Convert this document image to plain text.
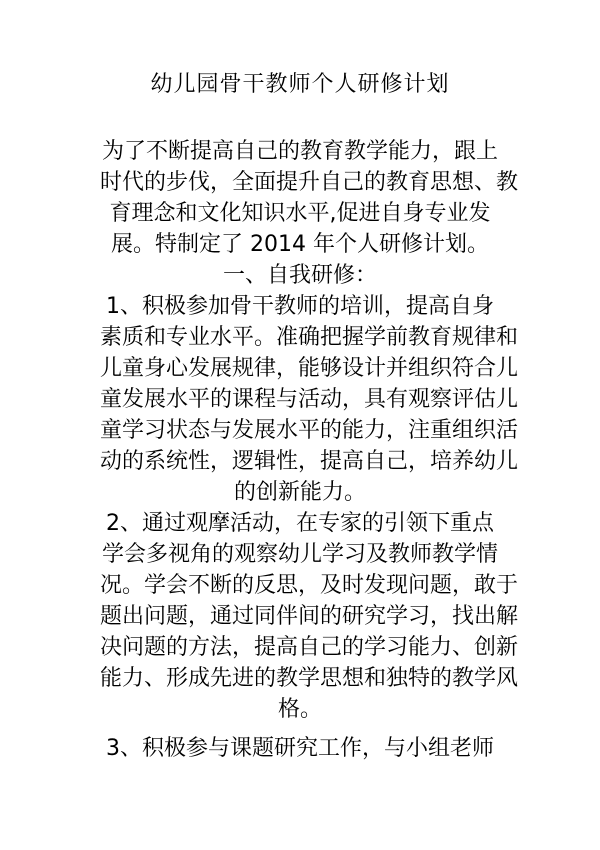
幼儿园骨干教师个人研修计划
为了不断提高自己的教育教学能力，跟上
时代的步伐，全面提升自己的教育思想、教
育理念和文化知识水平,促进自身专业发
展。特制定了 2014 年个人研修计划。
一、自我研修：
1、积极参加骨干教师的培训，提高自身
素质和专业水平。准确把握学前教育规律和
儿童身心发展规律，能够设计并组织符合儿
童发展水平的课程与活动，具有观察评估儿
童学习状态与发展水平的能力，注重组织活
动的系统性，逻辑性，提高自己，培养幼儿
的创新能力。
2、通过观摩活动，在专家的引领下重点
学会多视角的观察幼儿学习及教师教学情
况。学会不断的反思，及时发现问题，敢于
题出问题，通过同伴间的研究学习，找出解
决问题的方法，提高自己的学习能力、创新
能力、形成先进的教学思想和独特的教学风
格。
3、积极参与课题研究工作，与小组老师
